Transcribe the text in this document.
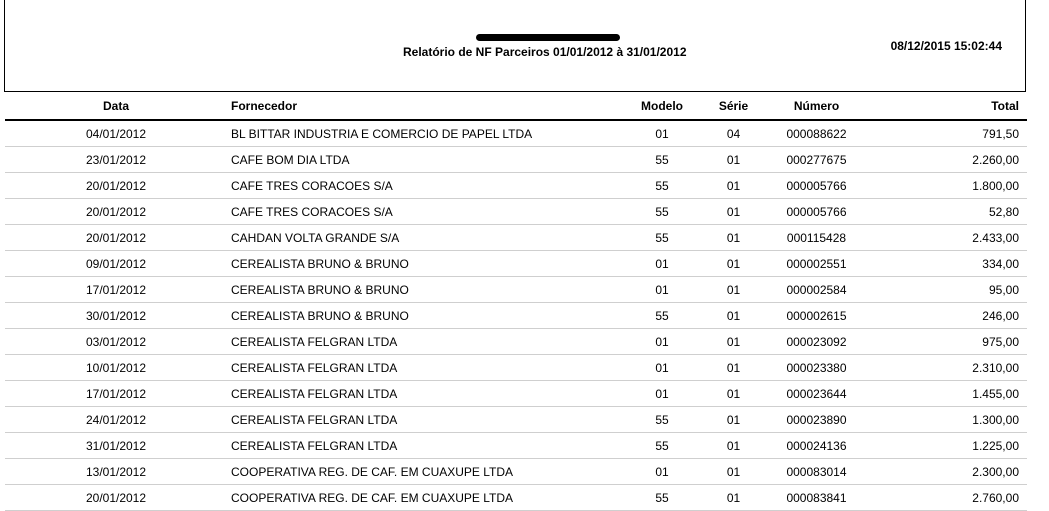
Relatório de NF Parceiros 01/01/2012 à 31/01/2012	08/12/2015 15:02:44
Data	Fornecedor	Modelo	Série	Número	Total
04/01/2012	BL BITTAR INDUSTRIA E COMERCIO DE PAPEL LTDA	01	04	000088622	791,50
23/01/2012	CAFE BOM DIA LTDA	55	01	000277675	2.260,00
20/01/2012	CAFE TRES CORACOES S/A	55	01	000005766	1.800,00
20/01/2012	CAFE TRES CORACOES S/A	55	01	000005766	52,80
20/01/2012	CAHDAN VOLTA GRANDE S/A	55	01	000115428	2.433,00
09/01/2012	CEREALISTA BRUNO & BRUNO	01	01	000002551	334,00
17/01/2012	CEREALISTA BRUNO & BRUNO	01	01	000002584	95,00
30/01/2012	CEREALISTA BRUNO & BRUNO	55	01	000002615	246,00
03/01/2012	CEREALISTA FELGRAN LTDA	01	01	000023092	975,00
10/01/2012	CEREALISTA FELGRAN LTDA	01	01	000023380	2.310,00
17/01/2012	CEREALISTA FELGRAN LTDA	01	01	000023644	1.455,00
24/01/2012	CEREALISTA FELGRAN LTDA	55	01	000023890	1.300,00
31/01/2012	CEREALISTA FELGRAN LTDA	55	01	000024136	1.225,00
13/01/2012	COOPERATIVA REG. DE CAF. EM CUAXUPE LTDA	01	01	000083014	2.300,00
20/01/2012	COOPERATIVA REG. DE CAF. EM CUAXUPE LTDA	55	01	000083841	2.760,00
